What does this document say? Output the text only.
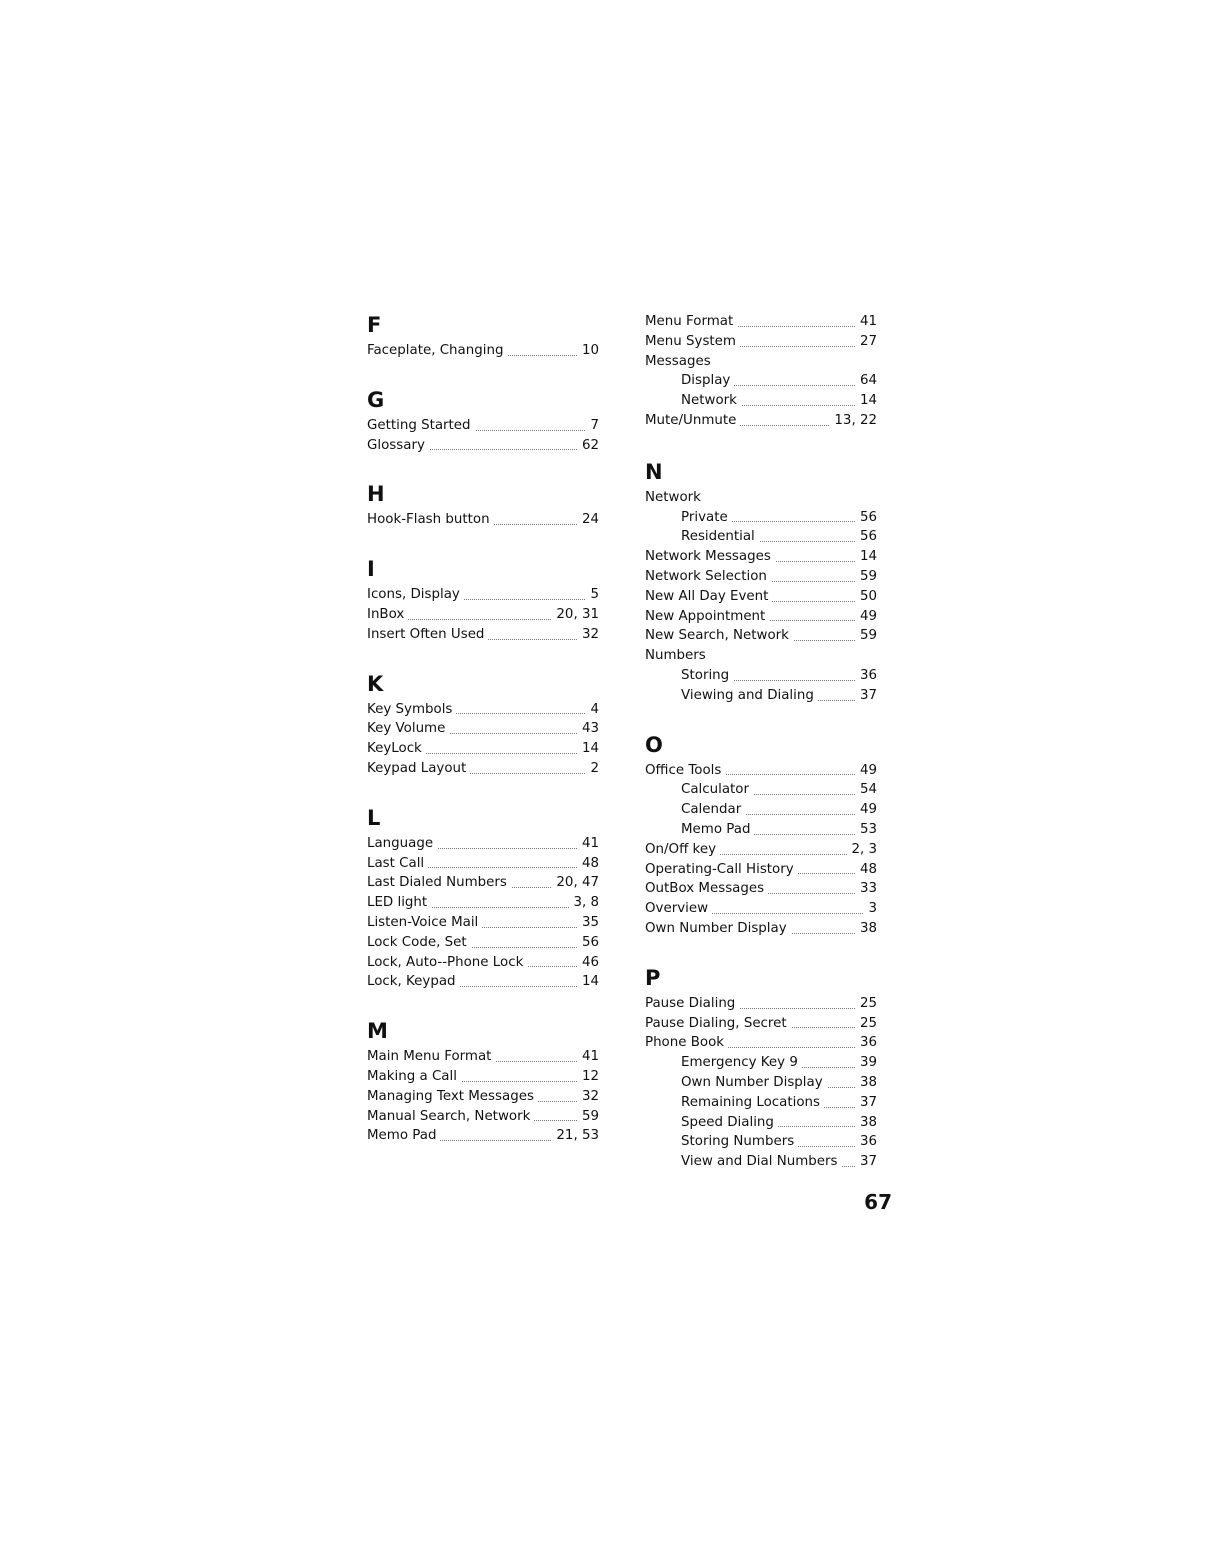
F
Faceplate, Changing	10
G
Getting Started	7
Glossary	62
H
Hook-Flash button	24
I
Icons, Display	5
InBox	20, 31
Insert Often Used	32
K
Key Symbols	4
Key Volume	43
KeyLock	14
Keypad Layout	2
L
Language	41
Last Call	48
Last Dialed Numbers	20, 47
LED light	3, 8
Listen-Voice Mail	35
Lock Code, Set	56
Lock, Auto--Phone Lock	46
Lock, Keypad	14
M
Main Menu Format	41
Making a Call	12
Managing Text Messages	32
Manual Search, Network	59
Memo Pad	21, 53
Menu Format	41
Menu System	27
Messages
Display	64
Network	14
Mute/Unmute	13, 22
N
Network
Private	56
Residential	56
Network Messages	14
Network Selection	59
New All Day Event	50
New Appointment	49
New Search, Network	59
Numbers
Storing	36
Viewing and Dialing	37
O
Office Tools	49
Calculator	54
Calendar	49
Memo Pad	53
On/Off key	2, 3
Operating-Call History	48
OutBox Messages	33
Overview	3
Own Number Display	38
P
Pause Dialing	25
Pause Dialing, Secret	25
Phone Book	36
Emergency Key 9	39
Own Number Display	38
Remaining Locations	37
Speed Dialing	38
Storing Numbers	36
View and Dial Numbers 37
67
